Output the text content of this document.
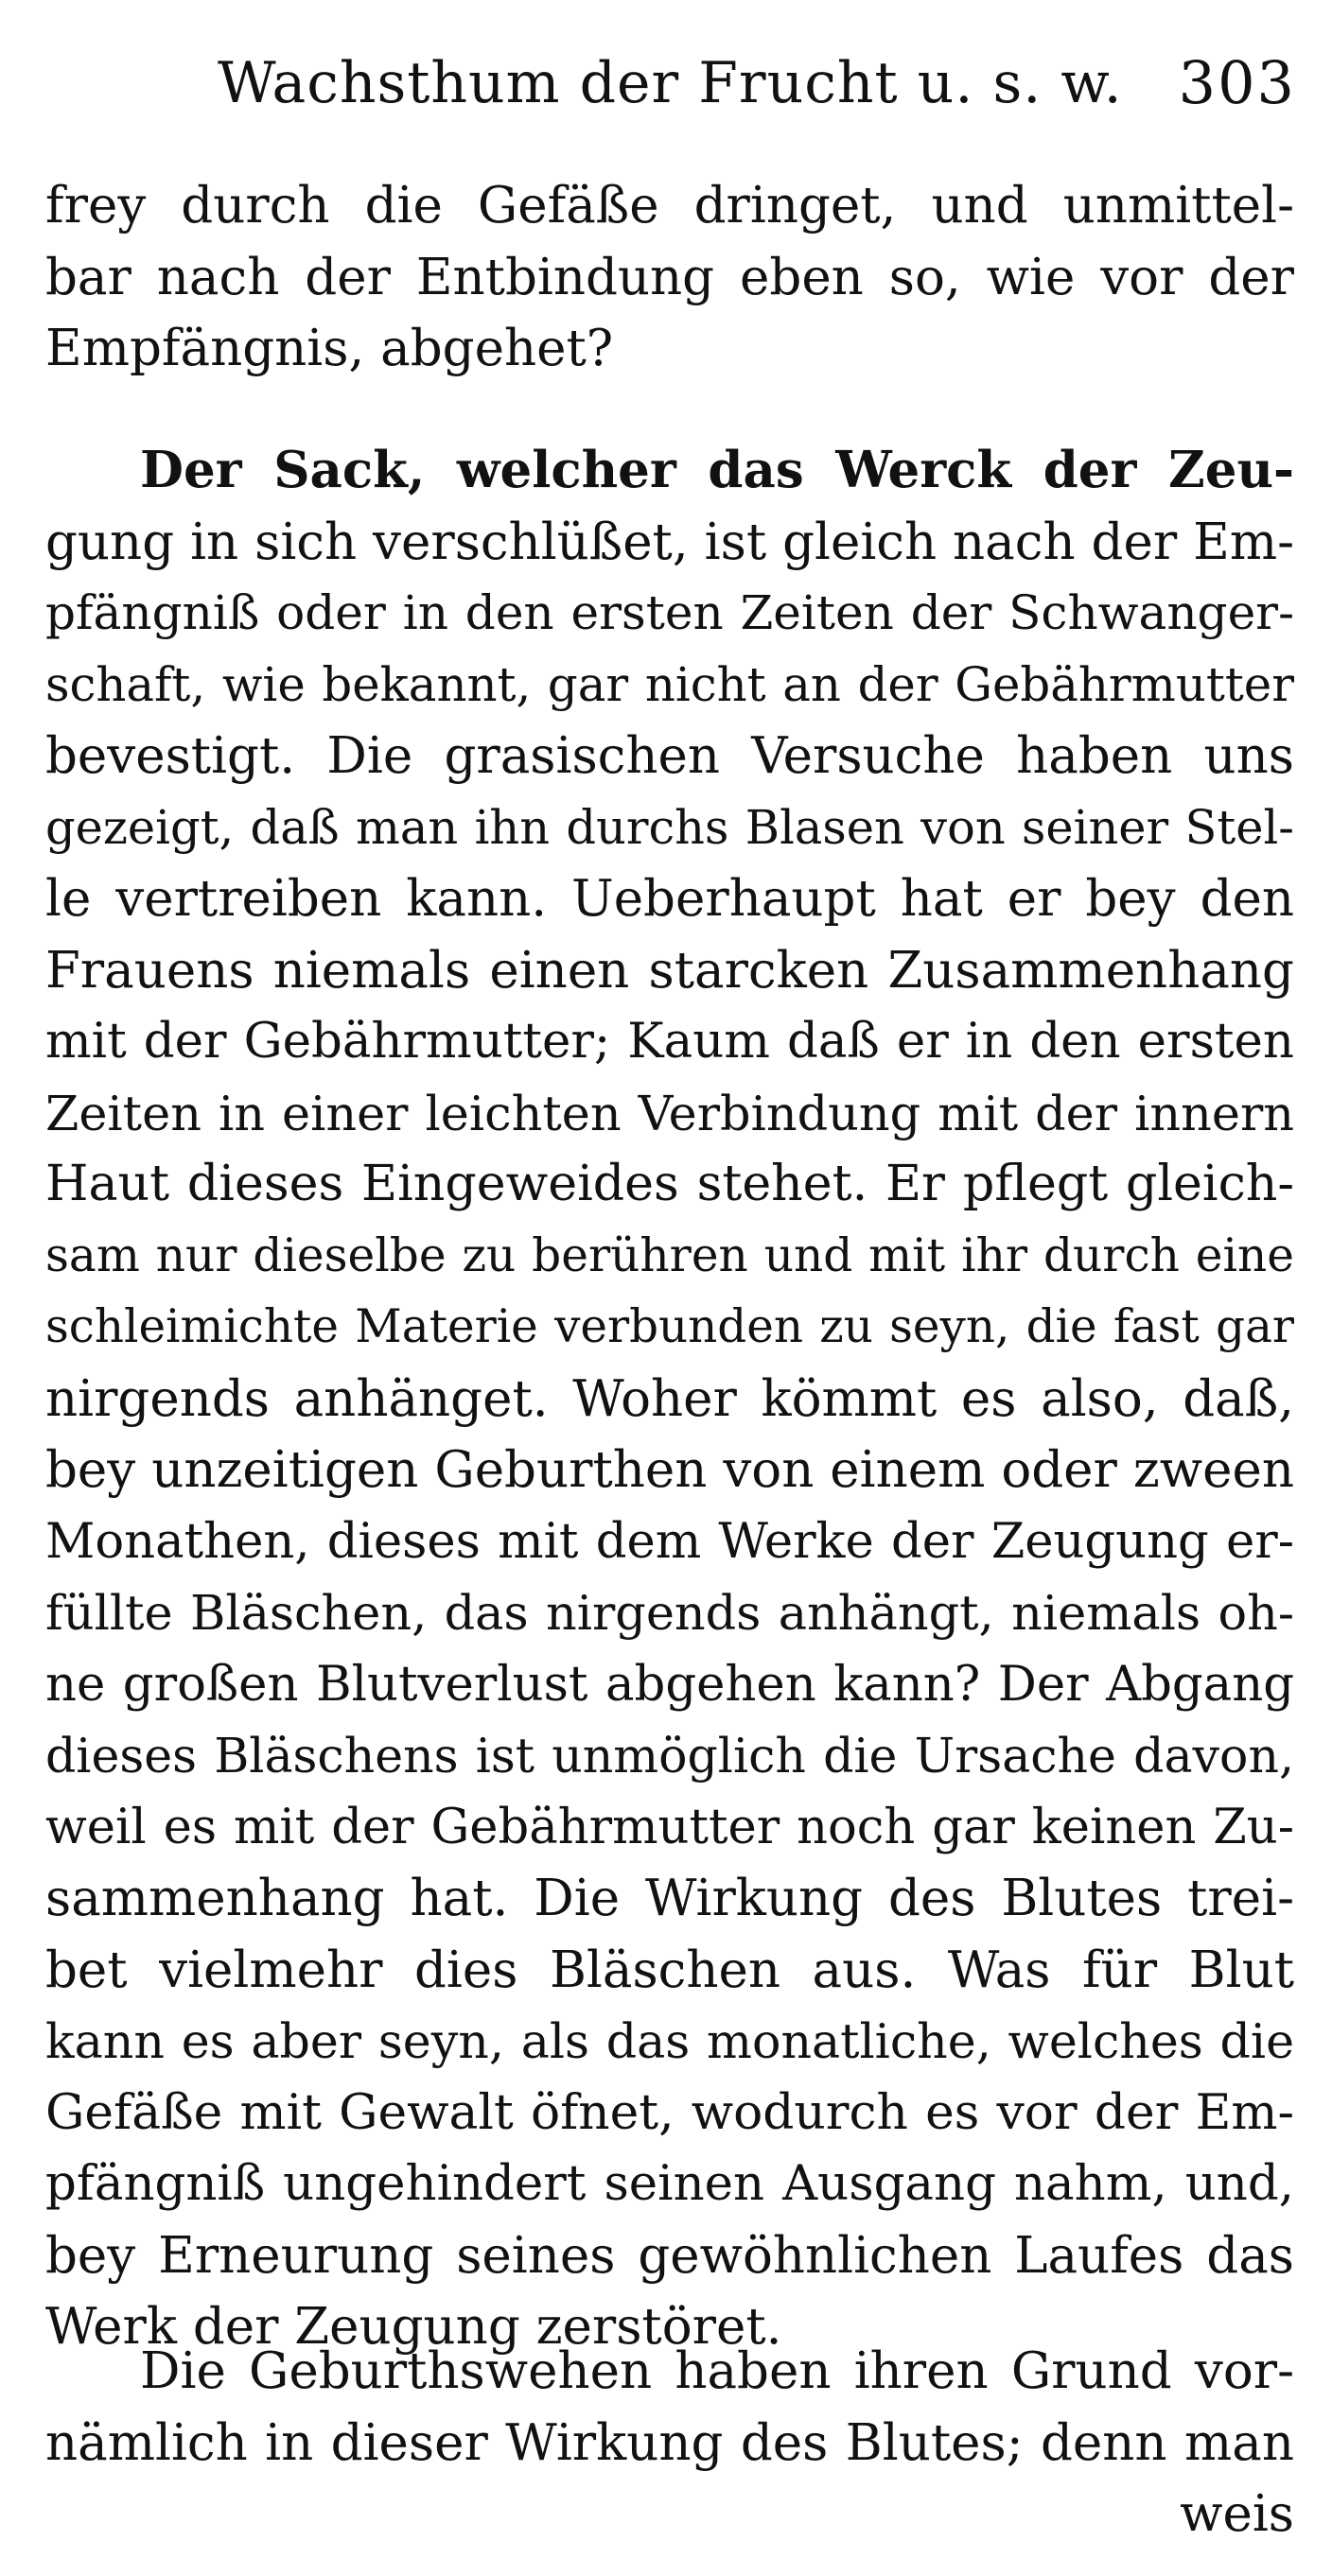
Wachsthum der Frucht u. s. w. 303
frey durch die Gefäße dringet, und unmittel-
bar nach der Entbindung eben so, wie vor der
Empfängnis, abgehet?
Der Sack, welcher das Werck der Zeu-
gung in sich verschlüßet, ist gleich nach der Em-
pfängniß oder in den ersten Zeiten der Schwanger-
schaft, wie bekannt, gar nicht an der Gebährmutter
bevestigt. Die grasischen Versuche haben uns
gezeigt, daß man ihn durchs Blasen von seiner Stel-
le vertreiben kann. Ueberhaupt hat er bey den
Frauens niemals einen starcken Zusammenhang
mit der Gebährmutter; Kaum daß er in den ersten
Zeiten in einer leichten Verbindung mit der innern
Haut dieses Eingeweides stehet. Er pflegt gleich-
sam nur dieselbe zu berühren und mit ihr durch eine
schleimichte Materie verbunden zu seyn, die fast gar
nirgends anhänget. Woher kömmt es also, daß,
bey unzeitigen Geburthen von einem oder zween
Monathen, dieses mit dem Werke der Zeugung er-
füllte Bläschen, das nirgends anhängt, niemals oh-
ne großen Blutverlust abgehen kann? Der Abgang
dieses Bläschens ist unmöglich die Ursache davon,
weil es mit der Gebährmutter noch gar keinen Zu-
sammenhang hat. Die Wirkung des Blutes trei-
bet vielmehr dies Bläschen aus. Was für Blut
kann es aber seyn, als das monatliche, welches die
Gefäße mit Gewalt öfnet, wodurch es vor der Em-
pfängniß ungehindert seinen Ausgang nahm, und,
bey Erneurung seines gewöhnlichen Laufes das
Werk der Zeugung zerstöret.
Die Geburthswehen haben ihren Grund vor-
nämlich in dieser Wirkung des Blutes; denn man
weis
